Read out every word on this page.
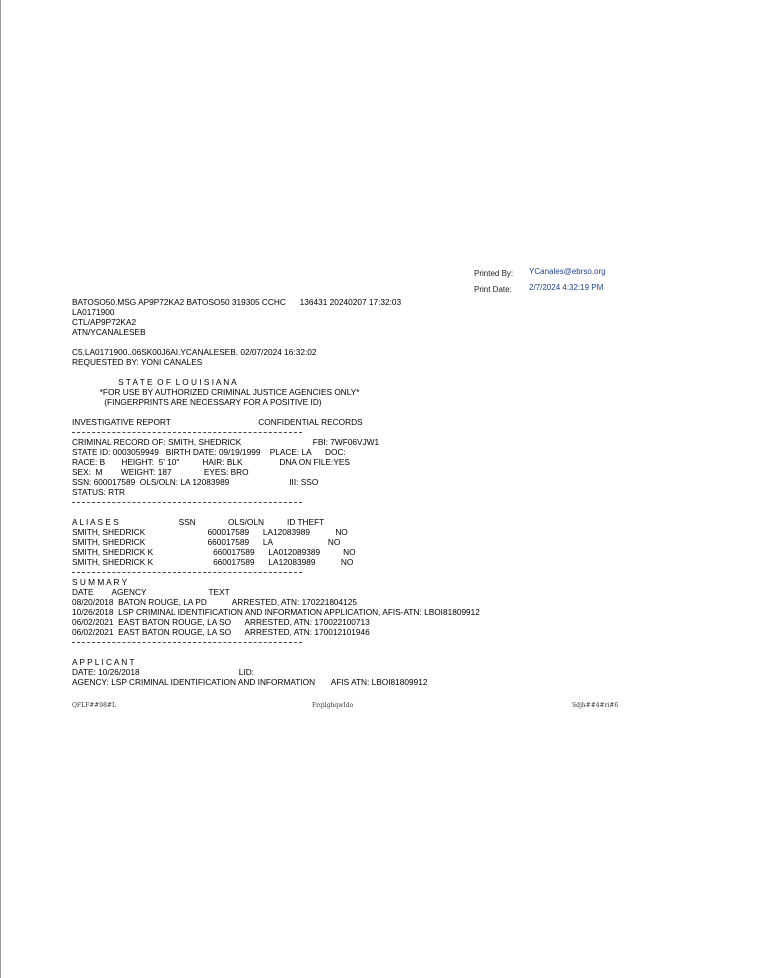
Printed By: YCanales@ebrso.org
Print Date: 2/7/2024 4:32:19 PM
BATOSO50.MSG AP9P72KA2 BATOSO50 319305 CCHC      136431 20240207 17:32:03
LA0171900
CTL/AP9P72KA2
ATN/YCANALESEB
C5.LA0171900..06SK00J6AI.YCANALESEB. 02/07/2024 16:32:02
REQUESTED BY: YONI CANALES
S T A T E  O F  L O U I S I A N A
*FOR USE BY AUTHORIZED CRIMINAL JUSTICE AGENCIES ONLY*
(FINGERPRINTS ARE NECESSARY FOR A POSITIVE ID)
INVESTIGATIVE REPORT                                      CONFIDENTIAL RECORDS
CRIMINAL RECORD OF: SMITH, SHEDRICK                               FBI: 7WF06VJW1
STATE ID: 0003059949   BIRTH DATE: 09/19/1999    PLACE: LA      DOC:
RACE: B       HEIGHT:  5' 10"          HAIR: BLK                DNA ON FILE:YES
SEX:  M        WEIGHT: 187              EYES: BRO
SSN: 600017589  OLS/OLN: LA 12083989                          III: SSO
STATUS: RTR
A L I A S E S                          SSN              OLS/OLN          ID THEFT
SMITH, SHEDRICK                           600017589      LA12083989           NO
SMITH, SHEDRICK                           660017589      LA                        NO
SMITH, SHEDRICK K                          660017589      LA012089389          NO
SMITH, SHEDRICK K                          660017589      LA12083989           NO
S U M M A R Y
DATE        AGENCY                           TEXT
08/20/2018  BATON ROUGE, LA PD           ARRESTED, ATN: 170221804125
10/26/2018  LSP CRIMINAL IDENTIFICATION AND INFORMATION APPLICATION, AFIS-ATN: LBOI81809912
06/02/2021  EAST BATON ROUGE, LA SO      ARRESTED, ATN: 170022100713
06/02/2021  EAST BATON ROUGE, LA SO      ARRESTED, ATN: 170012101946
A P P L I C A N T
DATE: 10/26/2018                                           LID:
AGENCY: LSP CRIMINAL IDENTIFICATION AND INFORMATION       AFIS ATN: LBOI81809912
QFLF##98#L	FrqilghqwIdo	Sdjh##4#ri#6
